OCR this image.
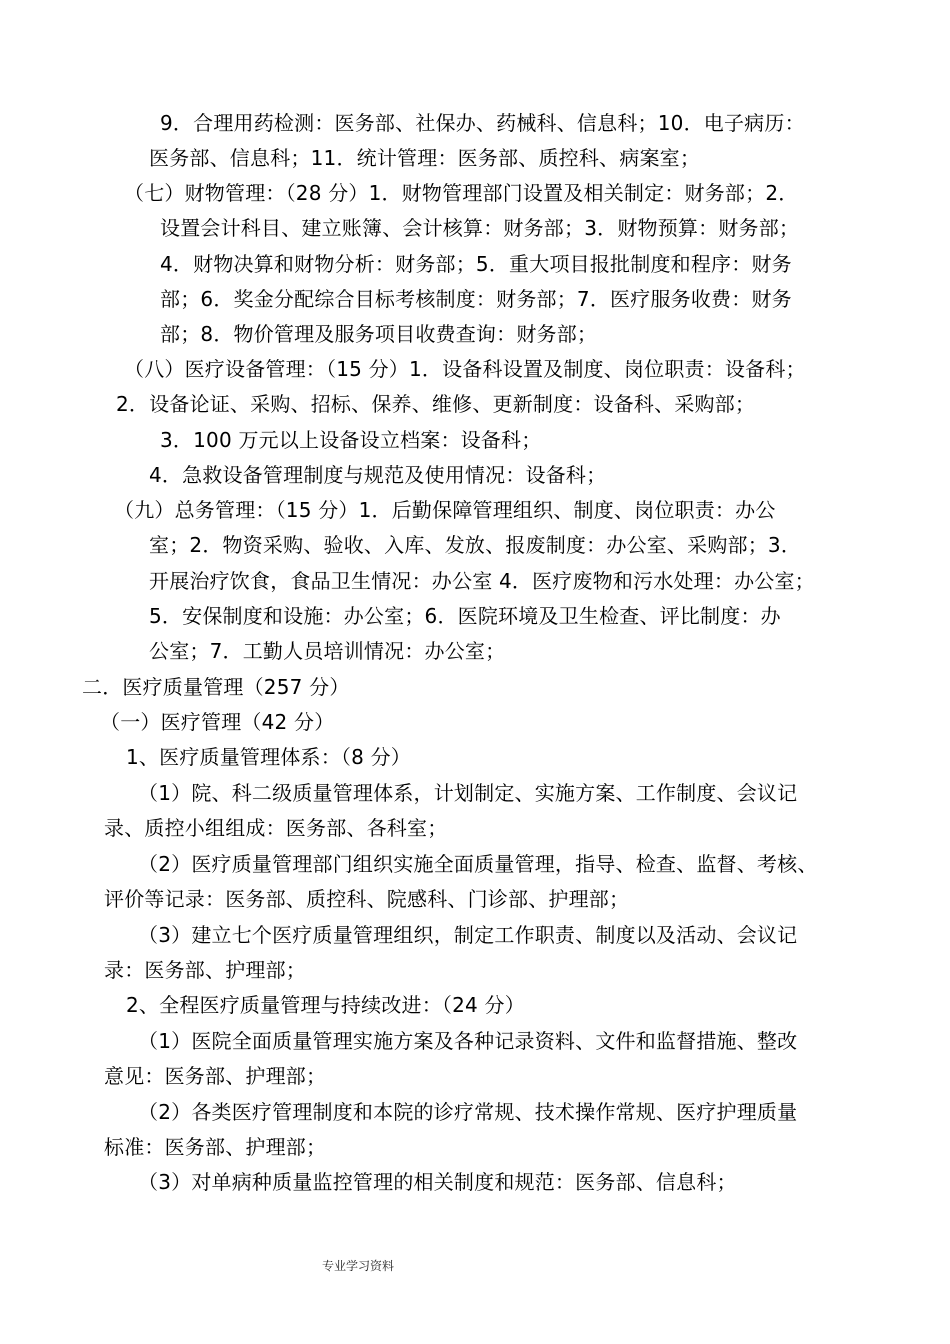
9．合理用药检测：医务部、社保办、药械科、信息科；10．电子病历：
医务部、信息科；11．统计管理：医务部、质控科、病案室；
（七）财物管理：（28 分）1．财物管理部门设置及相关制定：财务部；2．
设置会计科目、建立账簿、会计核算：财务部；3．财物预算：财务部；
4．财物决算和财物分析：财务部；5．重大项目报批制度和程序：财务
部；6．奖金分配综合目标考核制度：财务部；7．医疗服务收费：财务
部；8．物价管理及服务项目收费查询：财务部；
（八）医疗设备管理：（15 分）1．设备科设置及制度、岗位职责：设备科；
2．设备论证、采购、招标、保养、维修、更新制度：设备科、采购部；
3．100 万元以上设备设立档案：设备科；
4．急救设备管理制度与规范及使用情况：设备科；
（九）总务管理：（15 分）1．后勤保障管理组织、制度、岗位职责：办公
室；2．物资采购、验收、入库、发放、报废制度：办公室、采购部；3．
开展治疗饮食，食品卫生情况：办公室 4．医疗废物和污水处理：办公室；
5．安保制度和设施：办公室；6．医院环境及卫生检查、评比制度：办
公室；7．工勤人员培训情况：办公室；
二．医疗质量管理（257 分）
（一）医疗管理（42 分）
1、医疗质量管理体系：（8 分）
（1）院、科二级质量管理体系，计划制定、实施方案、工作制度、会议记
录、质控小组组成：医务部、各科室；
（2）医疗质量管理部门组织实施全面质量管理，指导、检查、监督、考核、
评价等记录：医务部、质控科、院感科、门诊部、护理部；
（3）建立七个医疗质量管理组织，制定工作职责、制度以及活动、会议记
录：医务部、护理部；
2、全程医疗质量管理与持续改进：（24 分）
（1）医院全面质量管理实施方案及各种记录资料、文件和监督措施、整改
意见：医务部、护理部；
（2）各类医疗管理制度和本院的诊疗常规、技术操作常规、医疗护理质量
标准：医务部、护理部；
（3）对单病种质量监控管理的相关制度和规范：医务部、信息科；
专业学习资料
